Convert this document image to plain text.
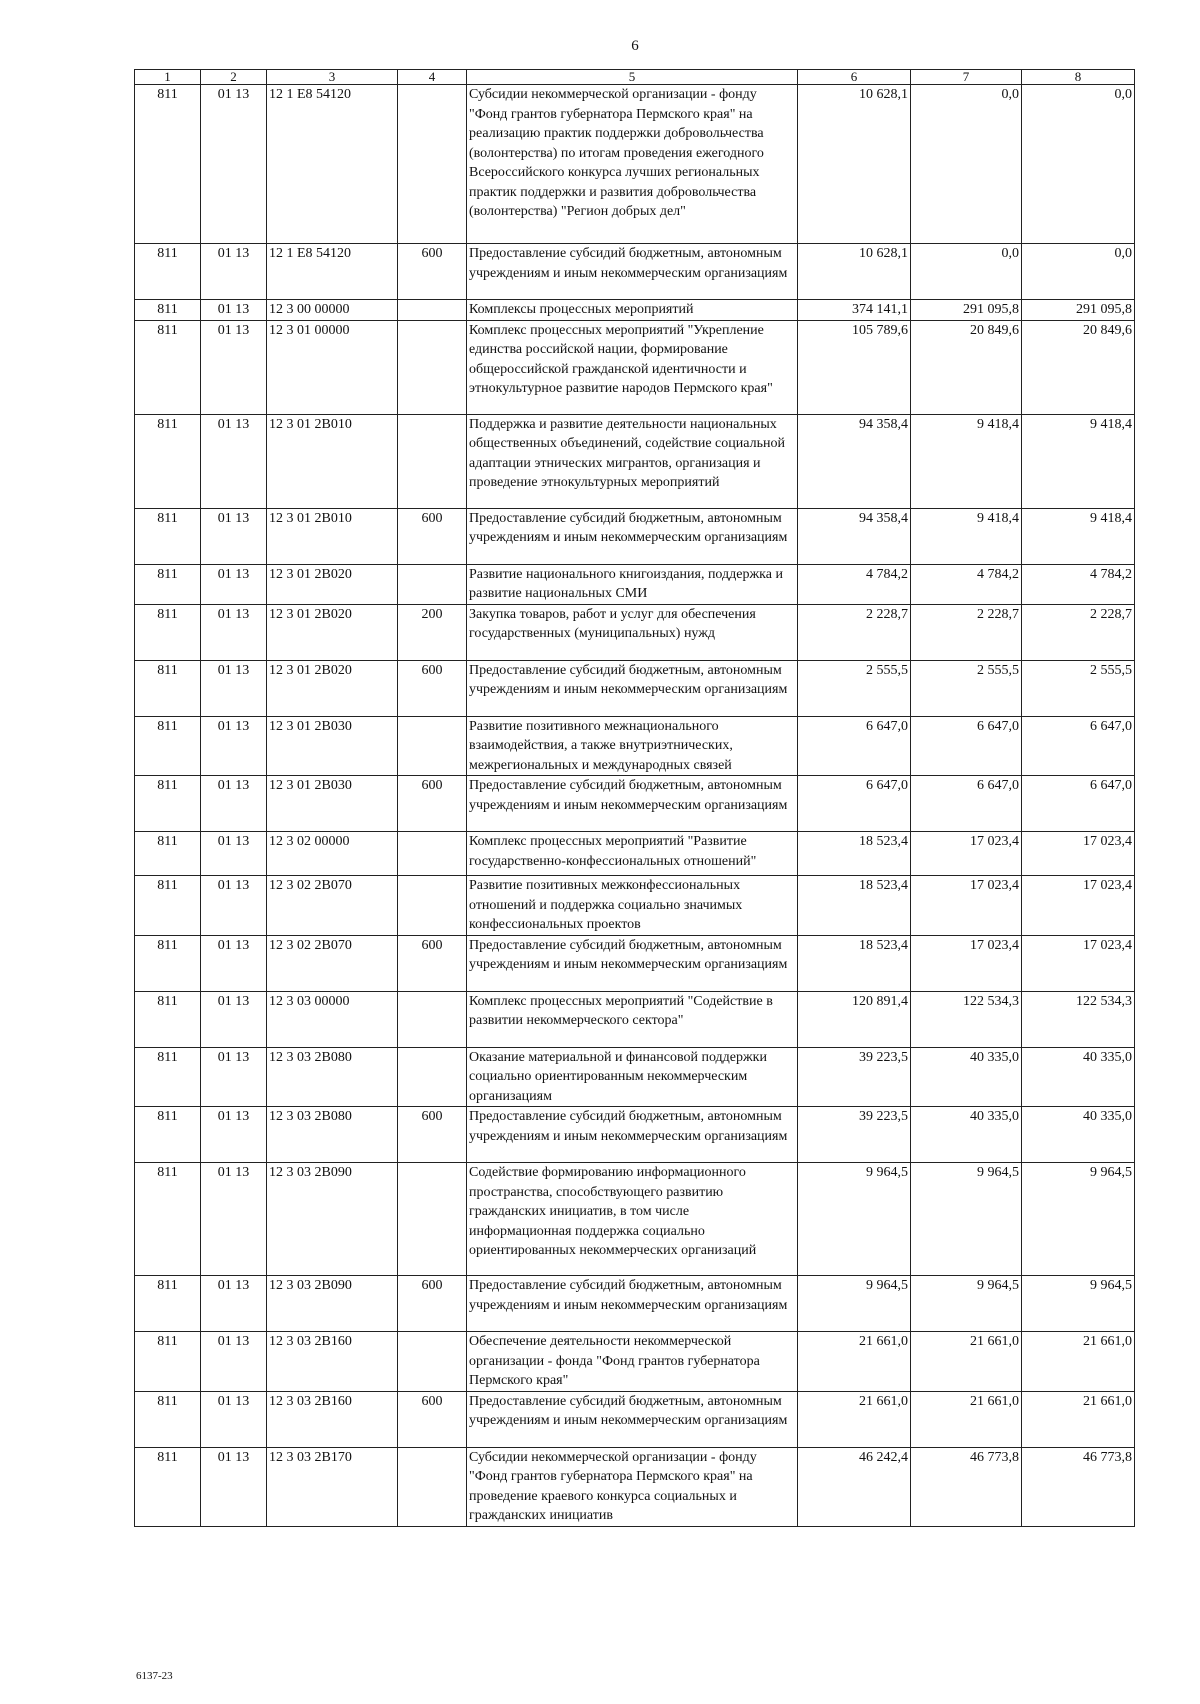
6
1	2	3	4	5	6	7	8
811	01 13	12 1 E8 54120		Субсидии некоммерческой организации - фонду "Фонд грантов губернатора Пермского края" на реализацию практик поддержки добровольчества (волонтерства) по итогам проведения ежегодного Всероссийского конкурса лучших региональных практик поддержки и развития добровольчества (волонтерства) "Регион добрых дел"	10 628,1	0,0	0,0
811	01 13	12 1 E8 54120	600	Предоставление субсидий бюджетным, автономным учреждениям и иным некоммерческим организациям	10 628,1	0,0	0,0
811	01 13	12 3 00 00000		Комплексы процессных мероприятий	374 141,1	291 095,8	291 095,8
811	01 13	12 3 01 00000		Комплекс процессных мероприятий "Укрепление единства российской нации, формирование общероссийской гражданской идентичности и этнокультурное развитие народов Пермского края"	105 789,6	20 849,6	20 849,6
811	01 13	12 3 01 2B010		Поддержка и развитие деятельности национальных общественных объединений, содействие социальной адаптации этнических мигрантов, организация и проведение этнокультурных мероприятий	94 358,4	9 418,4	9 418,4
811	01 13	12 3 01 2B010	600	Предоставление субсидий бюджетным, автономным учреждениям и иным некоммерческим организациям	94 358,4	9 418,4	9 418,4
811	01 13	12 3 01 2B020		Развитие национального книгоиздания, поддержка и развитие национальных СМИ	4 784,2	4 784,2	4 784,2
811	01 13	12 3 01 2B020	200	Закупка товаров, работ и услуг для обеспечения государственных (муниципальных) нужд	2 228,7	2 228,7	2 228,7
811	01 13	12 3 01 2B020	600	Предоставление субсидий бюджетным, автономным учреждениям и иным некоммерческим организациям	2 555,5	2 555,5	2 555,5
811	01 13	12 3 01 2B030		Развитие позитивного межнационального взаимодействия, а также внутриэтнических, межрегиональных и международных связей	6 647,0	6 647,0	6 647,0
811	01 13	12 3 01 2B030	600	Предоставление субсидий бюджетным, автономным учреждениям и иным некоммерческим организациям	6 647,0	6 647,0	6 647,0
811	01 13	12 3 02 00000		Комплекс процессных мероприятий "Развитие государственно-конфессиональных отношений"	18 523,4	17 023,4	17 023,4
811	01 13	12 3 02 2B070		Развитие позитивных межконфессиональных отношений и поддержка социально значимых конфессиональных проектов	18 523,4	17 023,4	17 023,4
811	01 13	12 3 02 2B070	600	Предоставление субсидий бюджетным, автономным учреждениям и иным некоммерческим организациям	18 523,4	17 023,4	17 023,4
811	01 13	12 3 03 00000		Комплекс процессных мероприятий "Содействие в развитии некоммерческого сектора"	120 891,4	122 534,3	122 534,3
811	01 13	12 3 03 2B080		Оказание материальной и финансовой поддержки социально ориентированным некоммерческим организациям	39 223,5	40 335,0	40 335,0
811	01 13	12 3 03 2B080	600	Предоставление субсидий бюджетным, автономным учреждениям и иным некоммерческим организациям	39 223,5	40 335,0	40 335,0
811	01 13	12 3 03 2B090		Содействие формированию информационного пространства, способствующего развитию гражданских инициатив, в том числе информационная поддержка социально ориентированных некоммерческих организаций	9 964,5	9 964,5	9 964,5
811	01 13	12 3 03 2B090	600	Предоставление субсидий бюджетным, автономным учреждениям и иным некоммерческим организациям	9 964,5	9 964,5	9 964,5
811	01 13	12 3 03 2B160		Обеспечение деятельности некоммерческой организации - фонда "Фонд грантов губернатора Пермского края"	21 661,0	21 661,0	21 661,0
811	01 13	12 3 03 2B160	600	Предоставление субсидий бюджетным, автономным учреждениям и иным некоммерческим организациям	21 661,0	21 661,0	21 661,0
811	01 13	12 3 03 2B170		Субсидии некоммерческой организации - фонду "Фонд грантов губернатора Пермского края" на проведение краевого конкурса социальных и гражданских инициатив	46 242,4	46 773,8	46 773,8
6137-23
